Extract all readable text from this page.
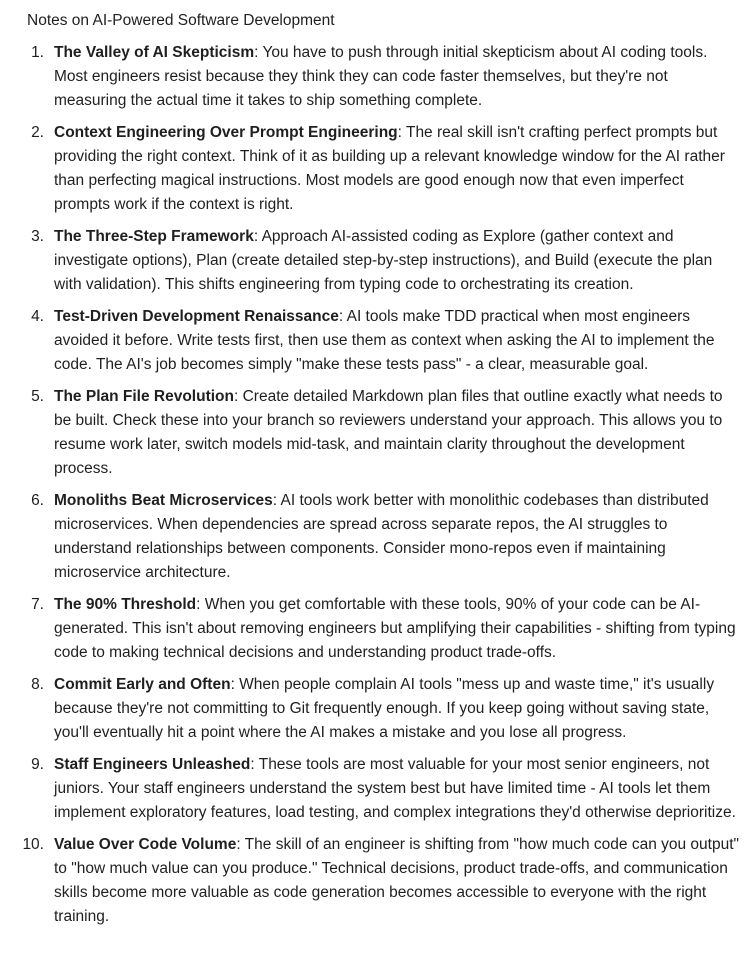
Notes on AI-Powered Software Development
1. The Valley of AI Skepticism: You have to push through initial skepticism about AI coding tools. Most engineers resist because they think they can code faster themselves, but they're not measuring the actual time it takes to ship something complete.
2. Context Engineering Over Prompt Engineering: The real skill isn't crafting perfect prompts but providing the right context. Think of it as building up a relevant knowledge window for the AI rather than perfecting magical instructions. Most models are good enough now that even imperfect prompts work if the context is right.
3. The Three-Step Framework: Approach AI-assisted coding as Explore (gather context and investigate options), Plan (create detailed step-by-step instructions), and Build (execute the plan with validation). This shifts engineering from typing code to orchestrating its creation.
4. Test-Driven Development Renaissance: AI tools make TDD practical when most engineers avoided it before. Write tests first, then use them as context when asking the AI to implement the code. The AI's job becomes simply "make these tests pass" - a clear, measurable goal.
5. The Plan File Revolution: Create detailed Markdown plan files that outline exactly what needs to be built. Check these into your branch so reviewers understand your approach. This allows you to resume work later, switch models mid-task, and maintain clarity throughout the development process.
6. Monoliths Beat Microservices: AI tools work better with monolithic codebases than distributed microservices. When dependencies are spread across separate repos, the AI struggles to understand relationships between components. Consider mono-repos even if maintaining microservice architecture.
7. The 90% Threshold: When you get comfortable with these tools, 90% of your code can be AI-generated. This isn't about removing engineers but amplifying their capabilities - shifting from typing code to making technical decisions and understanding product trade-offs.
8. Commit Early and Often: When people complain AI tools "mess up and waste time," it's usually because they're not committing to Git frequently enough. If you keep going without saving state, you'll eventually hit a point where the AI makes a mistake and you lose all progress.
9. Staff Engineers Unleashed: These tools are most valuable for your most senior engineers, not juniors. Your staff engineers understand the system best but have limited time - AI tools let them implement exploratory features, load testing, and complex integrations they'd otherwise deprioritize.
10. Value Over Code Volume: The skill of an engineer is shifting from "how much code can you output" to "how much value can you produce." Technical decisions, product trade-offs, and communication skills become more valuable as code generation becomes accessible to everyone with the right training.
